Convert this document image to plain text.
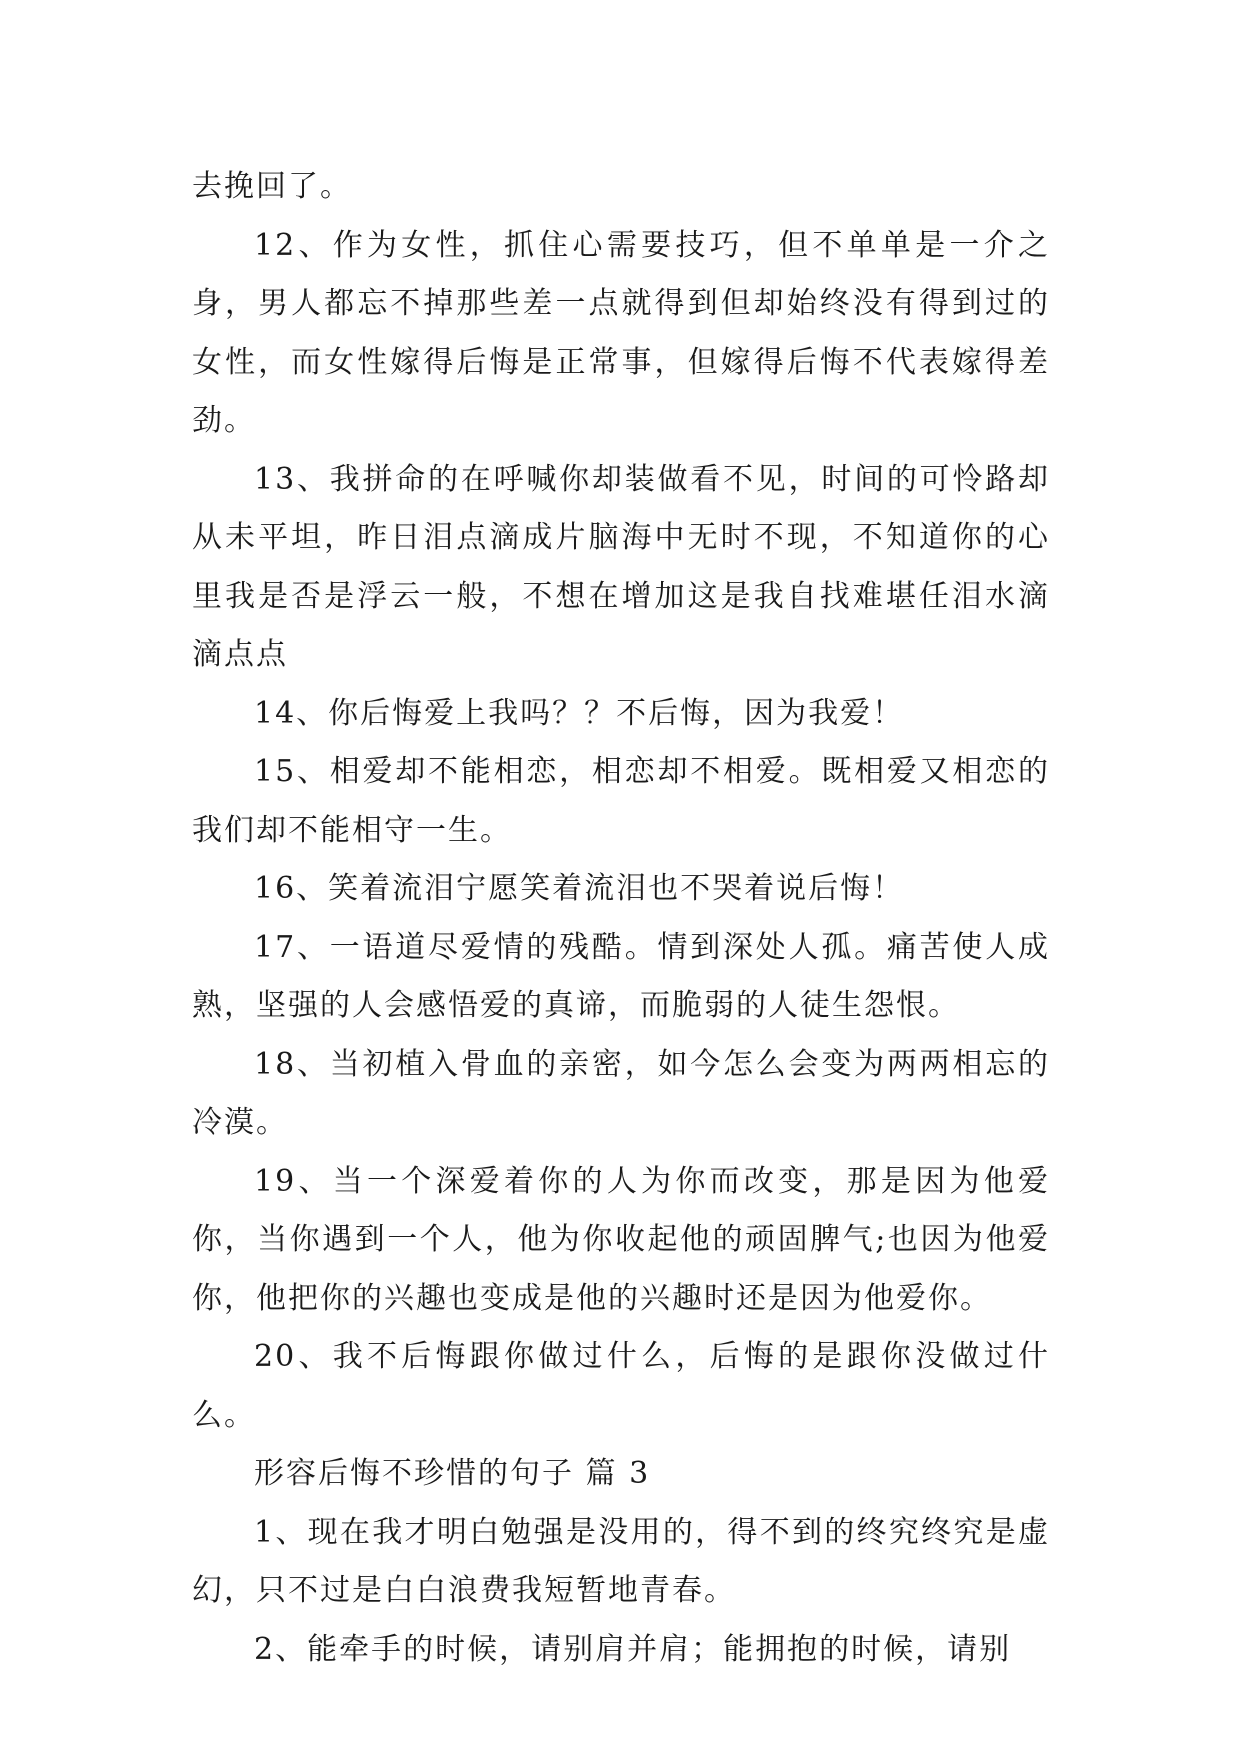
去挽回了。

12、作为女性，抓住心需要技巧，但不单单是一介之身，男人都忘不掉那些差一点就得到但却始终没有得到过的女性，而女性嫁得后悔是正常事，但嫁得后悔不代表嫁得差劲。

13、我拼命的在呼喊你却装做看不见，时间的可怜路却从未平坦，昨日泪点滴成片脑海中无时不现，不知道你的心里我是否是浮云一般，不想在增加这是我自找难堪任泪水滴滴点点

14、你后悔爱上我吗？？不后悔，因为我爱！

15、相爱却不能相恋，相恋却不相爱。既相爱又相恋的我们却不能相守一生。

16、笑着流泪宁愿笑着流泪也不哭着说后悔！

17、一语道尽爱情的残酷。情到深处人孤。痛苦使人成熟，坚强的人会感悟爱的真谛，而脆弱的人徒生怨恨。

18、当初植入骨血的亲密，如今怎么会变为两两相忘的冷漠。

19、当一个深爱着你的人为你而改变，那是因为他爱你，当你遇到一个人，他为你收起他的顽固脾气;也因为他爱你，他把你的兴趣也变成是他的兴趣时还是因为他爱你。

20、我不后悔跟你做过什么，后悔的是跟你没做过什么。

形容后悔不珍惜的句子 篇 3

1、现在我才明白勉强是没用的，得不到的终究终究是虚幻，只不过是白白浪费我短暂地青春。

2、能牵手的时候，请别肩并肩；能拥抱的时候，请别
